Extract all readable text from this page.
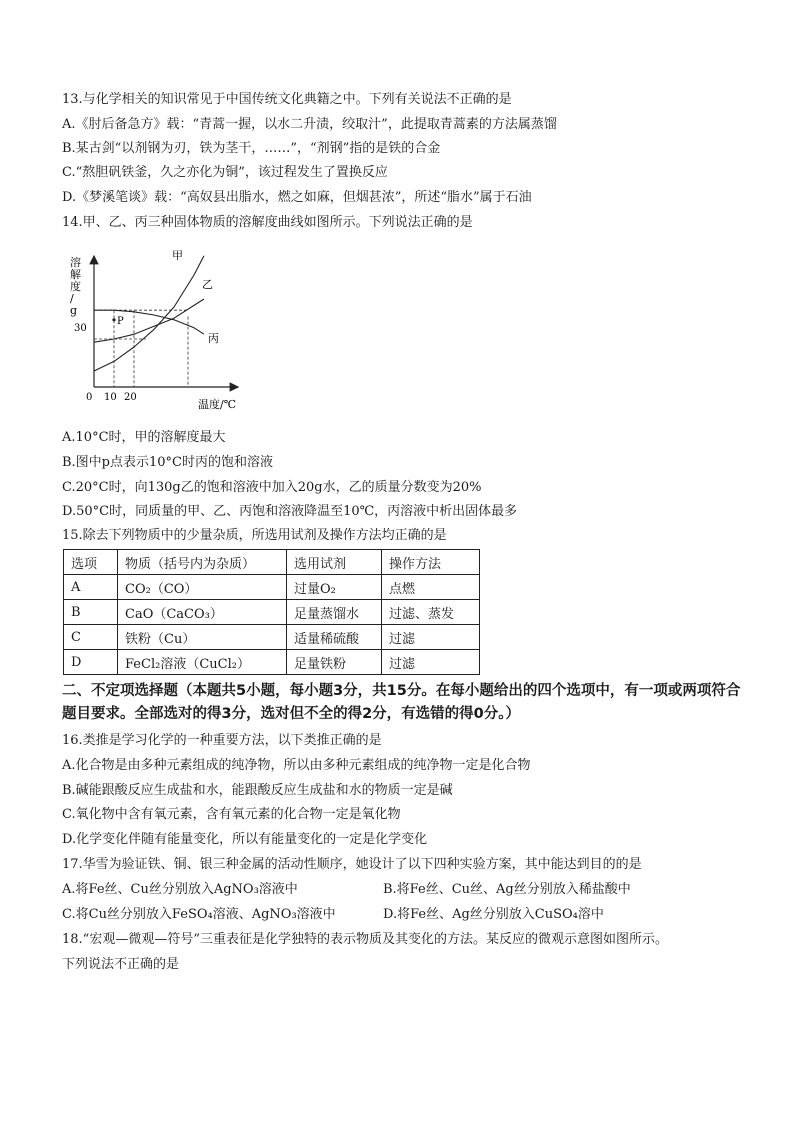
13.与化学相关的知识常见于中国传统文化典籍之中。下列有关说法不正确的是
A.《肘后备急方》载：“青蒿一握，以水二升渍，绞取汁”，此提取青蒿素的方法属蒸馏
B.某古剑“以剂钢为刃，铁为茎干，……”，“剂钢”指的是铁的合金
C.“熬胆矾铁釜，久之亦化为铜”，该过程发生了置换反应
D.《梦溪笔谈》载：“高奴县出脂水，燃之如麻，但烟甚浓”，所述“脂水”属于石油
14.甲、乙、丙三种固体物质的溶解度曲线如图所示。下列说法正确的是
溶
解
度
/
g
温度/℃
0 10 20
30
甲
乙
丙
P
A.10°C时，甲的溶解度最大
B.图中p点表示10°C时丙的饱和溶液
C.20°C时，向130g乙的饱和溶液中加入20g水，乙的质量分数变为20%
D.50°C时，同质量的甲、乙、丙饱和溶液降温至10℃，丙溶液中析出固体最多
15.除去下列物质中的少量杂质，所选用试剂及操作方法均正确的是
选项	物质（括号内为杂质）	选用试剂	操作方法
A	CO₂（CO）	过量O₂	点燃
B	CaO（CaCO₃）	足量蒸馏水	过滤、蒸发
C	铁粉（Cu）	适量稀硫酸	过滤
D	FeCl₂溶液（CuCl₂）	足量铁粉	过滤
二、不定项选择题（本题共5小题，每小题3分，共15分。在每小题给出的四个选项中，有一项或两项符合题目要求。全部选对的得3分，选对但不全的得2分，有选错的得0分。）
16.类推是学习化学的一种重要方法，以下类推正确的是
A.化合物是由多种元素组成的纯净物，所以由多种元素组成的纯净物一定是化合物
B.碱能跟酸反应生成盐和水，能跟酸反应生成盐和水的物质一定是碱
C.氧化物中含有氧元素，含有氧元素的化合物一定是氧化物
D.化学变化伴随有能量变化，所以有能量变化的一定是化学变化
17.华雪为验证铁、铜、银三种金属的活动性顺序，她设计了以下四种实验方案，其中能达到目的的是
A.将Fe丝、Cu丝分别放入AgNO₃溶液中	B.将Fe丝、Cu丝、Ag丝分别放入稀盐酸中
C.将Cu丝分别放入FeSO₄溶液、AgNO₃溶液中	D.将Fe丝、Ag丝分别放入CuSO₄溶中
18.“宏观—微观—符号”三重表征是化学独特的表示物质及其变化的方法。某反应的微观示意图如图所示。
下列说法不正确的是
